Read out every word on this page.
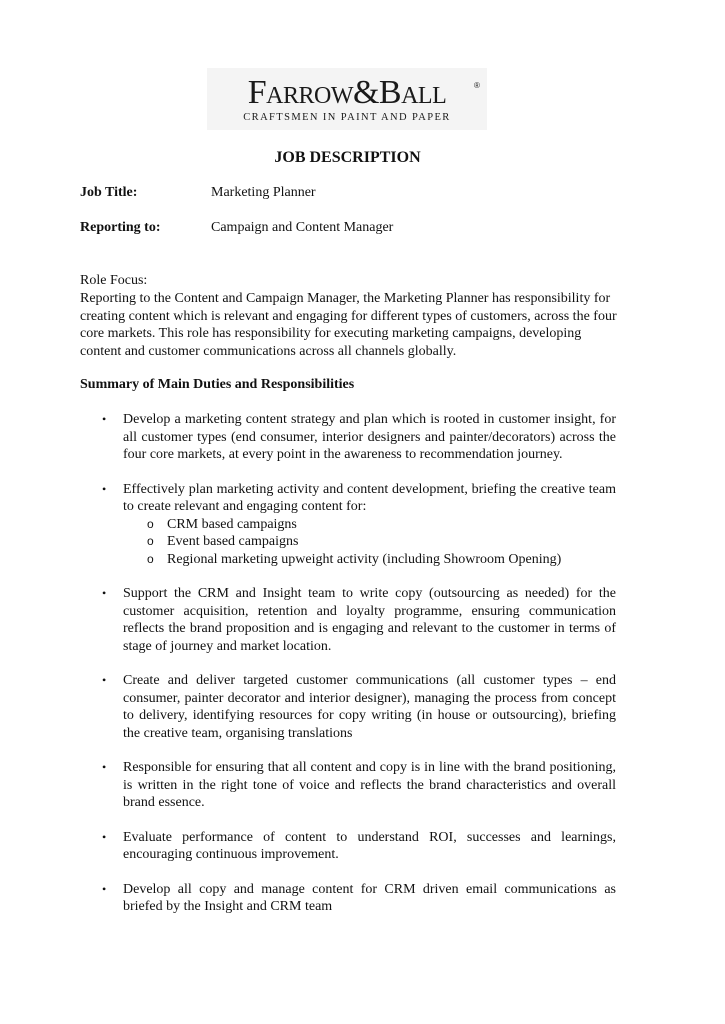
Farrow&Ball	®
CRAFTSMEN IN PAINT AND PAPER
JOB DESCRIPTION
Job Title:	Marketing Planner
Reporting to:	Campaign and Content Manager
Role Focus:

Reporting to the Content and Campaign Manager, the Marketing Planner has responsibility for creating content which is relevant and engaging for different types of customers, across the four core markets. This role has responsibility for executing marketing campaigns, developing content and customer communications across all channels globally.

Summary of Main Duties and Responsibilities
• Develop a marketing content strategy and plan which is rooted in customer insight, for all customer types (end consumer, interior designers and painter/decorators) across the four core markets, at every point in the awareness to recommendation journey.
• Effectively plan marketing activity and content development, briefing the creative team to create relevant and engaging content for:
o CRM based campaigns
o Event based campaigns
o Regional marketing upweight activity (including Showroom Opening)
• Support the CRM and Insight team to write copy (outsourcing as needed) for the customer acquisition, retention and loyalty programme, ensuring communication reflects the brand proposition and is engaging and relevant to the customer in terms of stage of journey and market location.
• Create and deliver targeted customer communications (all customer types – end consumer, painter decorator and interior designer), managing the process from concept to delivery, identifying resources for copy writing (in house or outsourcing), briefing the creative team, organising translations
• Responsible for ensuring that all content and copy is in line with the brand positioning, is written in the right tone of voice and reflects the brand characteristics and overall brand essence.
• Evaluate performance of content to understand ROI, successes and learnings, encouraging continuous improvement.
• Develop all copy and manage content for CRM driven email communications as briefed by the Insight and CRM team
